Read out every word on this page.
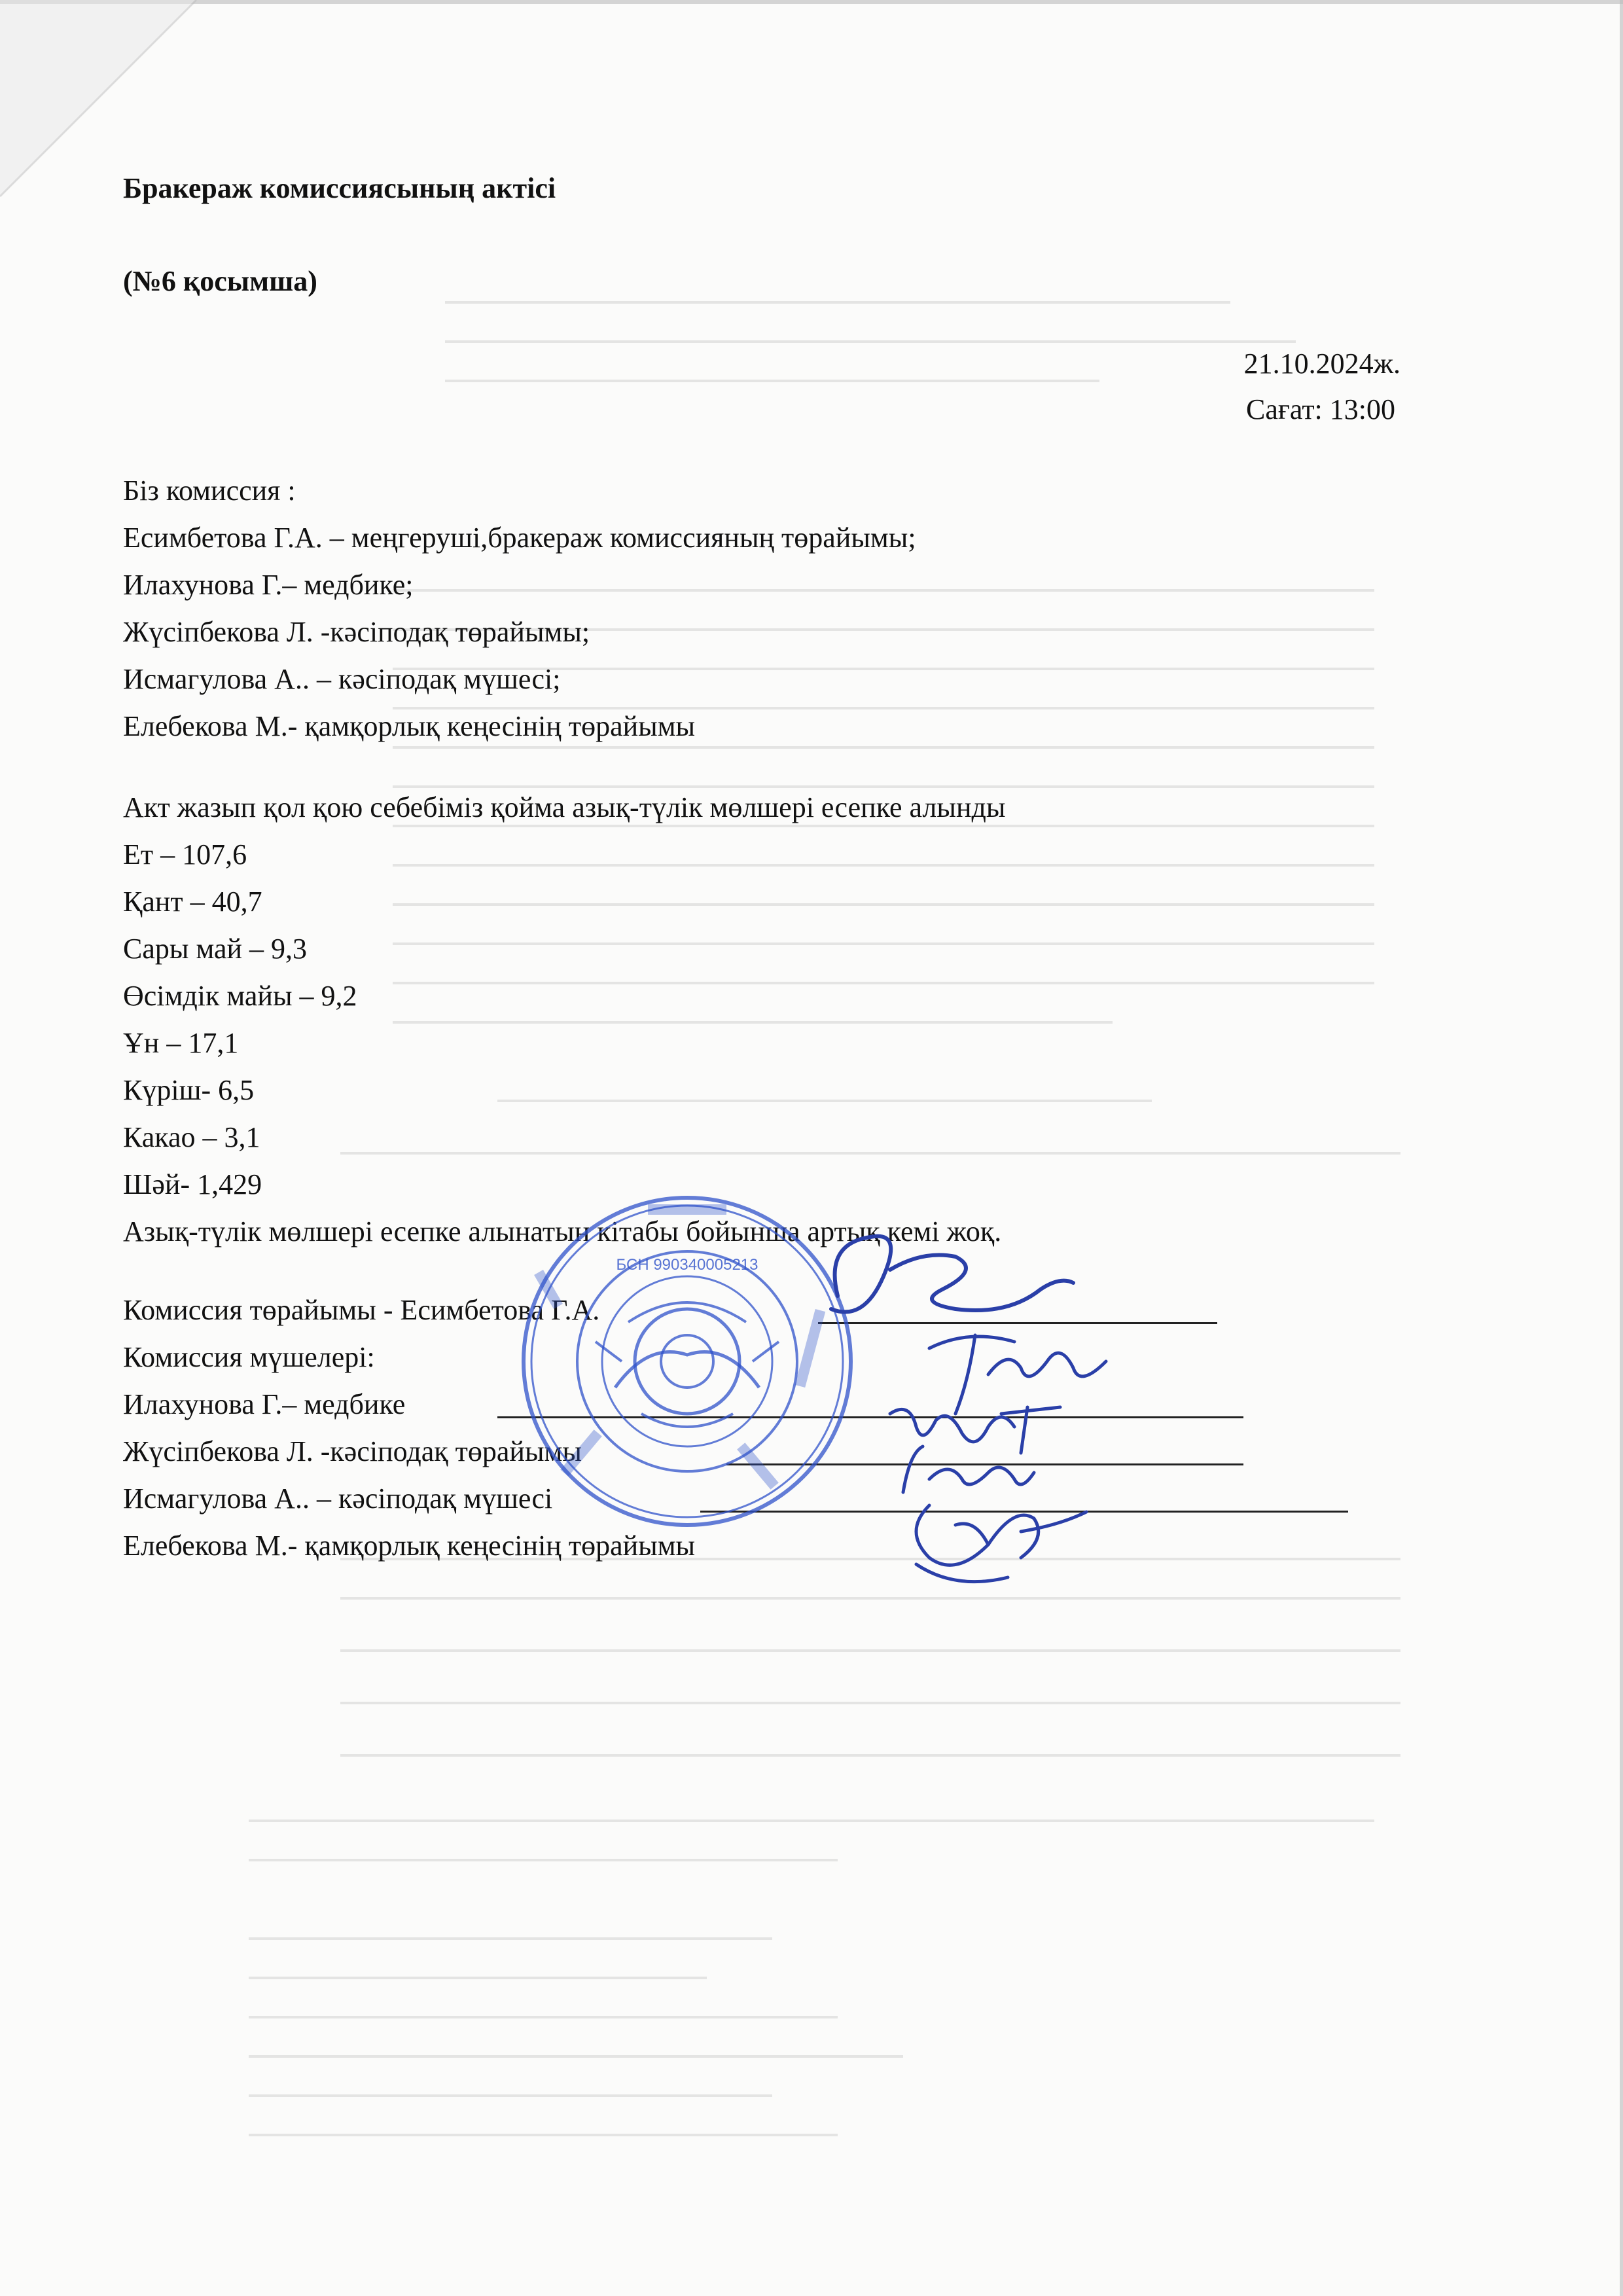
Бракераж комиссиясының актісі
(№6 қосымша)
21.10.2024ж.
Сағат: 13:00
Біз комиссия :
Есимбетова Г.А. – меңгеруші,бракераж комиссияның төрайымы;
Илахунова Г.– медбике;
Жүсіпбекова Л. -кәсіподақ төрайымы;
Исмагулова А.. – кәсіподақ мүшесі;
Елебекова М.- қамқорлық кеңесінің төрайымы
Акт жазып қол қою себебіміз қойма азық-түлік мөлшері есепке алынды
Ет – 107,6
Қант – 40,7
Сары май – 9,3
Өсімдік майы – 9,2
Ұн – 17,1
Күріш- 6,5
Какао – 3,1
Шәй- 1,429
Азық-түлік мөлшері есепке алынатын кітабы бойынша артық кемі жоқ.
Комиссия төрайымы - Есимбетова Г.А.
Комиссия мүшелері:
Илахунова Г.– медбике
Жүсіпбекова Л. -кәсіподақ төрайымы
Исмагулова А.. – кәсіподақ мүшесі
Елебекова М.- қамқорлық кеңесінің төрайымы
БСН 990340005213
